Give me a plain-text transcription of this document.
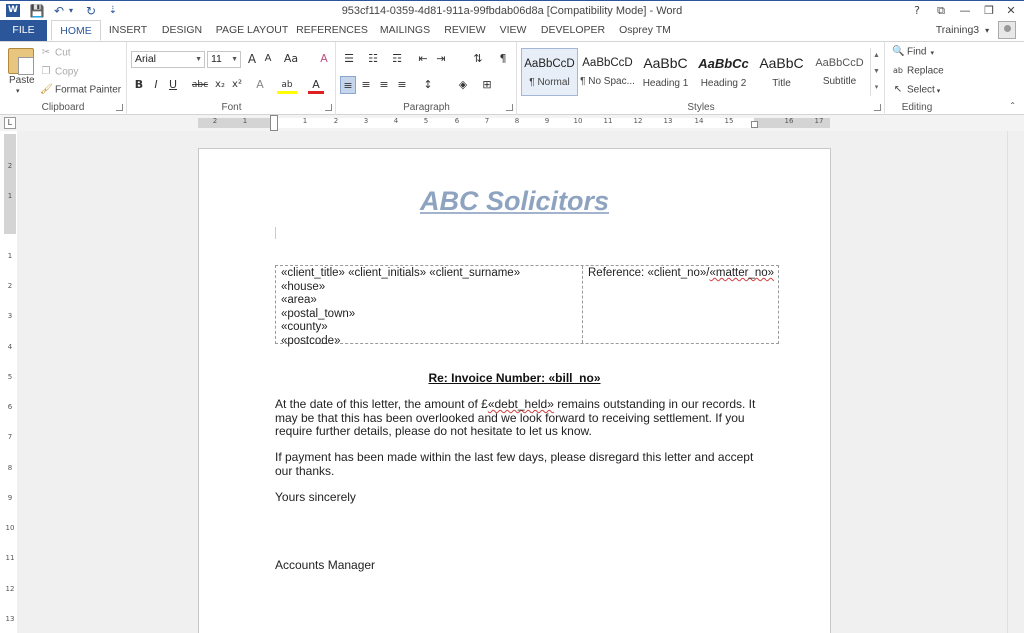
W 💾 ↶ ▾	↻	⇣	953cf114-0359-4d81-911a-99fbdab06d8a [Compatibility Mode] - Word	?	⧉	—	❐	✕
FILE	HOME	INSERT	DESIGN	PAGE LAYOUT REFERENCES	MAILINGS	REVIEW	VIEW	DEVELOPER	Osprey TM	Training3 ▾
Paste
▾
✂ Cut
❐ Copy
🖌 Format Painter
Clipboard
Arial	▼ 11 ▼ A A	Aa	A
B	I	U	abc x₂ x²	A	ab	A
Font
☰ ☷ ☶	⇤ ⇥	⇅	¶
≡ ≡ ≡ ≡	↕	◈	⊞
Paragraph
AaBbCcD
¶ Normal
AaBbCcD
¶ No Spac...
AaBbC
Heading 1
AaBbCc
Heading 2
AaBbC
Title
AaBbCcD
Subtitle
▲
▼
▾
Styles
🔍 Find ▾
ab Replace
↖ Select ▾
Editing	⌃
L	2	1	1	2	3	4	5	6	7	8	9	10	11	12	13	14	15	16	17
2
1
1
2
3
4
5
6
7
8
9
10
11
12
13
ABC Solicitors
«client_title» «client_initials» «client_surname»
«house»
«area»
«postal_town»
«county»
«postcode»
Reference: «client_no»/«matter_no»
Re: Invoice Number: «bill_no»
At the date of this letter, the amount of £«debt_held» remains outstanding in our records. It may be that this has been overlooked and we look forward to receiving settlement. If you require further details, please do not hesitate to let us know.
If payment has been made within the last few days, please disregard this letter and accept our thanks.
Yours sincerely
Accounts Manager
